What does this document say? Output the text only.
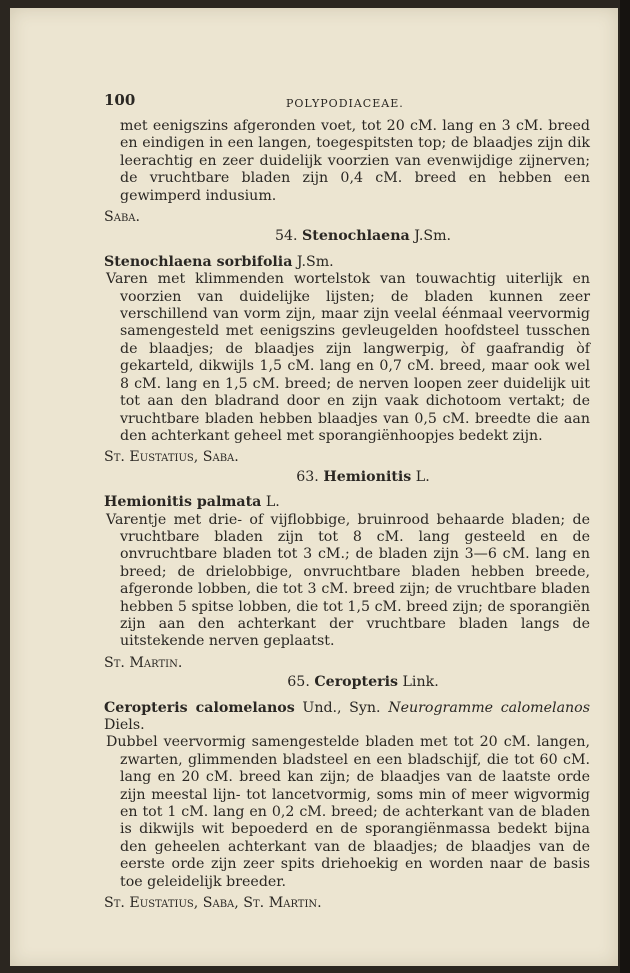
100	POLYPODIACEAE.

met eenigszins afgeronden voet, tot 20 cM. lang en 3 cM. breed en eindigen in een langen, toegespitsten top; de blaadjes zijn dik leerachtig en zeer duidelijk voorzien van evenwijdige zijnerven; de vruchtbare bladen zijn 0,4 cM. breed en hebben een gewimperd indusium.

Saba.

54. Stenochlaena J.Sm.

Stenochlaena sorbifolia J.Sm.

Varen met klimmenden wortelstok van touwachtig uiterlijk en voorzien van duidelijke lijsten; de bladen kunnen zeer verschillend van vorm zijn, maar zijn veelal éénmaal veervormig samengesteld met eenigszins gevleugelden hoofdsteel tusschen de blaadjes; de blaadjes zijn langwerpig, òf gaafrandig òf gekarteld, dikwijls 1,5 cM. lang en 0,7 cM. breed, maar ook wel 8 cM. lang en 1,5 cM. breed; de nerven loopen zeer duidelijk uit tot aan den bladrand door en zijn vaak dichotoom vertakt; de vruchtbare bladen hebben blaadjes van 0,5 cM. breedte die aan den achterkant geheel met sporangiënhoopjes bedekt zijn.

St. Eustatius, Saba.

63. Hemionitis L.

Hemionitis palmata L.

Varentje met drie- of vijflobbige, bruinrood behaarde bladen; de vruchtbare bladen zijn tot 8 cM. lang gesteeld en de onvruchtbare bladen tot 3 cM.; de bladen zijn 3—6 cM. lang en breed; de drielobbige, onvruchtbare bladen hebben breede, afgeronde lobben, die tot 3 cM. breed zijn; de vruchtbare bladen hebben 5 spitse lobben, die tot 1,5 cM. breed zijn; de sporangiën zijn aan den achterkant der vruchtbare bladen langs de uitstekende nerven geplaatst.

St. Martin.

65. Ceropteris Link.

Ceropteris calomelanos Und., Syn. Neurogramme calomelanos Diels.

Dubbel veervormig samengestelde bladen met tot 20 cM. langen, zwarten, glimmenden bladsteel en een bladschijf, die tot 60 cM. lang en 20 cM. breed kan zijn; de blaadjes van de laatste orde zijn meestal lijn- tot lancetvormig, soms min of meer wigvormig en tot 1 cM. lang en 0,2 cM. breed; de achterkant van de bladen is dikwijls wit bepoederd en de sporangiënmassa bedekt bijna den geheelen achterkant van de blaadjes; de blaadjes van de eerste orde zijn zeer spits driehoekig en worden naar de basis toe geleidelijk breeder.

St. Eustatius, Saba, St. Martin.
